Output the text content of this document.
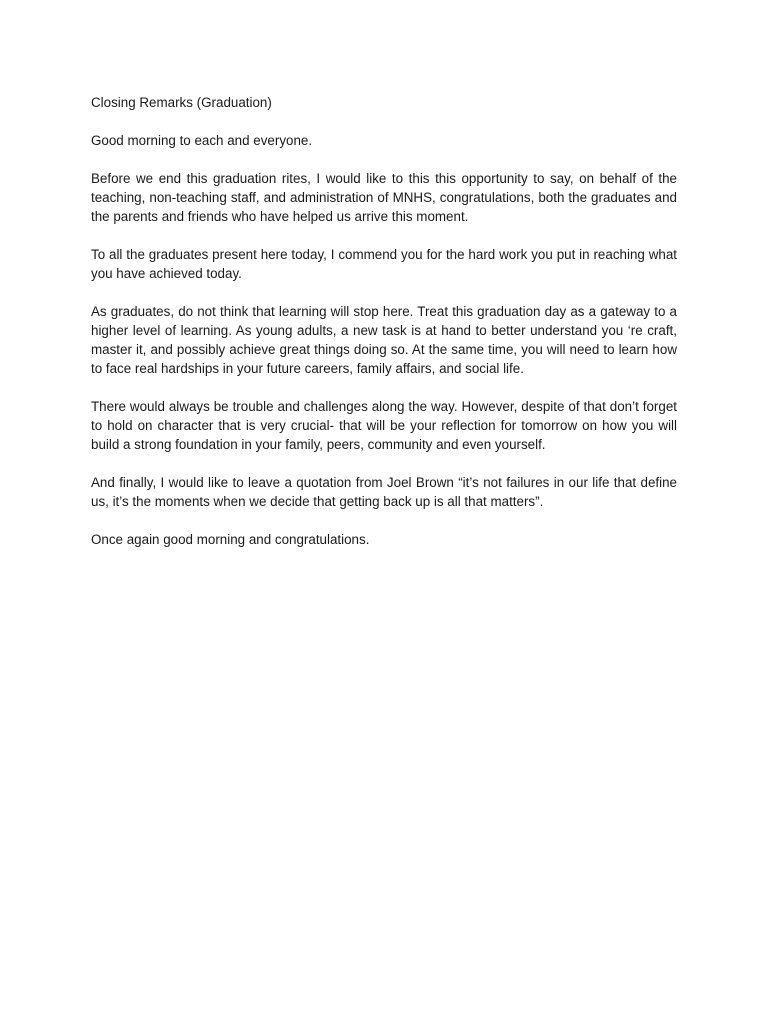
Closing Remarks (Graduation)

Good morning to each and everyone.

Before we end this graduation rites, I would like to this this opportunity to say, on behalf of the teaching, non-teaching staff, and administration of MNHS, congratulations, both the graduates and the parents and friends who have helped us arrive this moment.

To all the graduates present here today, I commend you for the hard work you put in reaching what you have achieved today.

As graduates, do not think that learning will stop here. Treat this graduation day as a gateway to a higher level of learning. As young adults, a new task is at hand to better understand you ‘re craft, master it, and possibly achieve great things doing so. At the same time, you will need to learn how to face real hardships in your future careers, family affairs, and social life.

There would always be trouble and challenges along the way. However, despite of that don’t forget to hold on character that is very crucial- that will be your reflection for tomorrow on how you will build a strong foundation in your family, peers, community and even yourself.

And finally, I would like to leave a quotation from Joel Brown “it’s not failures in our life that define us, it’s the moments when we decide that getting back up is all that matters”.

Once again good morning and congratulations.
